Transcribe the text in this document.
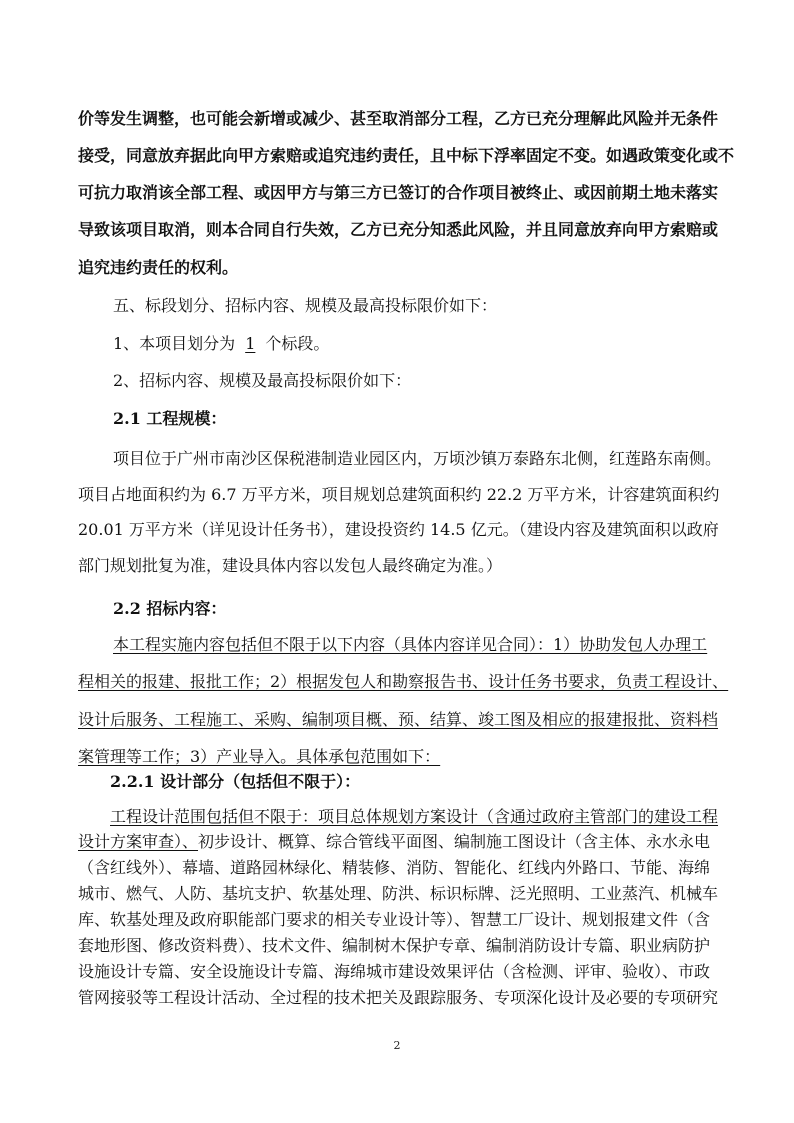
价等发生调整，也可能会新增或减少、甚至取消部分工程，乙方已充分理解此风险并无条件
接受，同意放弃据此向甲方索赔或追究违约责任，且中标下浮率固定不变。如遇政策变化或不
可抗力取消该全部工程、或因甲方与第三方已签订的合作项目被终止、或因前期土地未落实
导致该项目取消，则本合同自行失效，乙方已充分知悉此风险，并且同意放弃向甲方索赔或
追究违约责任的权利。
五、标段划分、招标内容、规模及最高投标限价如下：
1、本项目划分为 1 个标段。
2、招标内容、规模及最高投标限价如下：
2.1 工程规模：
项目位于广州市南沙区保税港制造业园区内，万顷沙镇万泰路东北侧，红莲路东南侧。
项目占地面积约为 6.7 万平方米，项目规划总建筑面积约 22.2 万平方米，计容建筑面积约
20.01 万平方米（详见设计任务书），建设投资约 14.5 亿元。（建设内容及建筑面积以政府
部门规划批复为准，建设具体内容以发包人最终确定为准。）
2.2 招标内容：
本工程实施内容包括但不限于以下内容（具体内容详见合同）：1）协助发包人办理工
程相关的报建、报批工作；2）根据发包人和勘察报告书、设计任务书要求，负责工程设计、
设计后服务、工程施工、采购、编制项目概、预、结算、竣工图及相应的报建报批、资料档
案管理等工作；3）产业导入。具体承包范围如下：
2.2.1 设计部分（包括但不限于）：
工程设计范围包括但不限于：项目总体规划方案设计（含通过政府主管部门的建设工程
设计方案审查）、初步设计、概算、综合管线平面图、编制施工图设计（含主体、永水永电
（含红线外）、幕墙、道路园林绿化、精装修、消防、智能化、红线内外路口、节能、海绵
城市、燃气、人防、基坑支护、软基处理、防洪、标识标牌、泛光照明、工业蒸汽、机械车
库、软基处理及政府职能部门要求的相关专业设计等）、智慧工厂设计、规划报建文件（含
套地形图、修改资料费）、技术文件、编制树木保护专章、编制消防设计专篇、职业病防护
设施设计专篇、安全设施设计专篇、海绵城市建设效果评估（含检测、评审、验收）、市政
管网接驳等工程设计活动、全过程的技术把关及跟踪服务、专项深化设计及必要的专项研究
2
